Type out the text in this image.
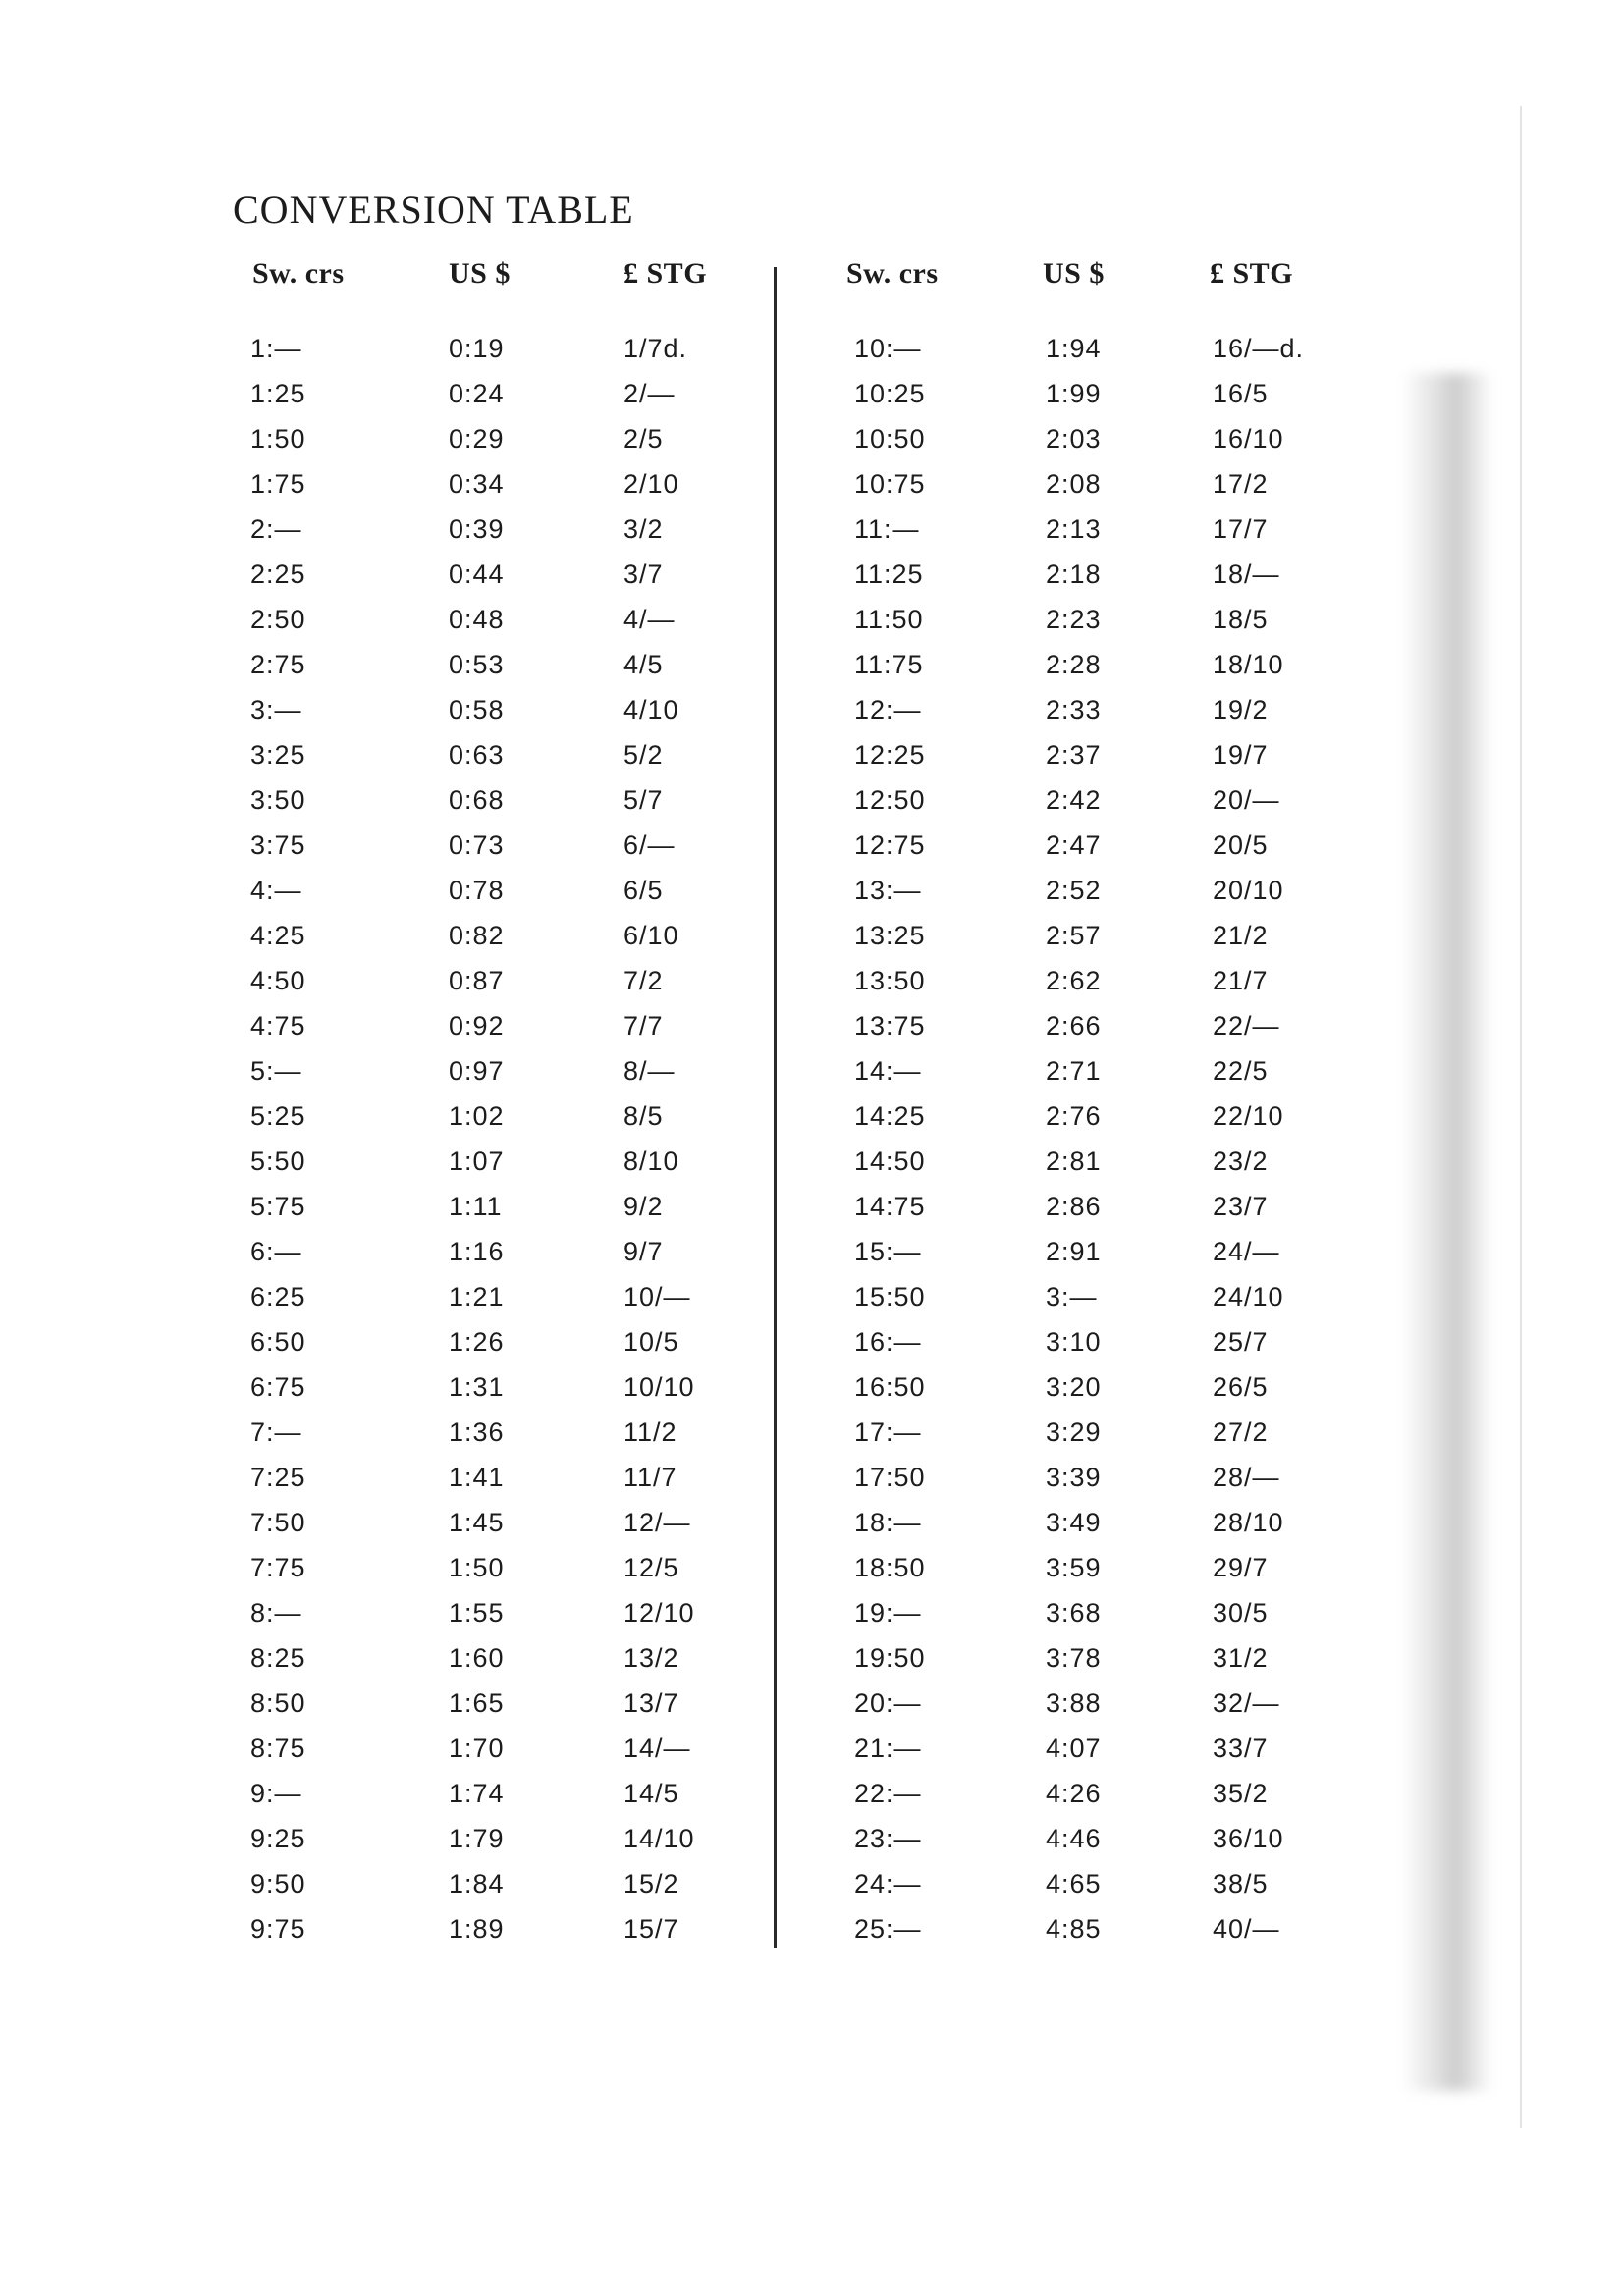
CONVERSION TABLE
Sw. crs	US $	£ STG
1:—	0:19	1/7d.
1:25	0:24	2/—
1:50	0:29	2/5
1:75	0:34	2/10
2:—	0:39	3/2
2:25	0:44	3/7
2:50	0:48	4/—
2:75	0:53	4/5
3:—	0:58	4/10
3:25	0:63	5/2
3:50	0:68	5/7
3:75	0:73	6/—
4:—	0:78	6/5
4:25	0:82	6/10
4:50	0:87	7/2
4:75	0:92	7/7
5:—	0:97	8/—
5:25	1:02	8/5
5:50	1:07	8/10
5:75	1:11	9/2
6:—	1:16	9/7
6:25	1:21	10/—
6:50	1:26	10/5
6:75	1:31	10/10
7:—	1:36	11/2
7:25	1:41	11/7
7:50	1:45	12/—
7:75	1:50	12/5
8:—	1:55	12/10
8:25	1:60	13/2
8:50	1:65	13/7
8:75	1:70	14/—
9:—	1:74	14/5
9:25	1:79	14/10
9:50	1:84	15/2
9:75	1:89	15/7
Sw. crs	US $	£ STG
10:—	1:94	16/—d.
10:25	1:99	16/5
10:50	2:03	16/10
10:75	2:08	17/2
11:—	2:13	17/7
11:25	2:18	18/—
11:50	2:23	18/5
11:75	2:28	18/10
12:—	2:33	19/2
12:25	2:37	19/7
12:50	2:42	20/—
12:75	2:47	20/5
13:—	2:52	20/10
13:25	2:57	21/2
13:50	2:62	21/7
13:75	2:66	22/—
14:—	2:71	22/5
14:25	2:76	22/10
14:50	2:81	23/2
14:75	2:86	23/7
15:—	2:91	24/—
15:50	3:—	24/10
16:—	3:10	25/7
16:50	3:20	26/5
17:—	3:29	27/2
17:50	3:39	28/—
18:—	3:49	28/10
18:50	3:59	29/7
19:—	3:68	30/5
19:50	3:78	31/2
20:—	3:88	32/—
21:—	4:07	33/7
22:—	4:26	35/2
23:—	4:46	36/10
24:—	4:65	38/5
25:—	4:85	40/—
